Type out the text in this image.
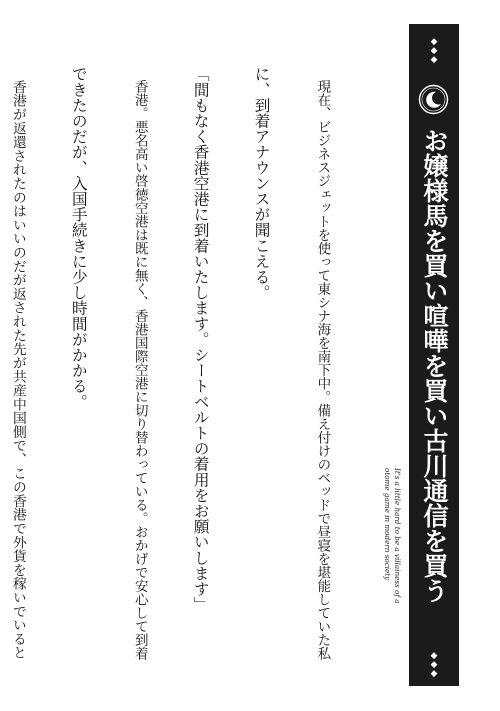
◆
◆
◆
お嬢様馬を買い喧嘩を買い古川通信を買う
◆
◆
◆
It's a little hard to be a villainess of a
otome game in modern society

　現在、ビジネスジェットを使って東シナ海を南下中。備え付けのベッドで昼寝を堪能していた私

に、到着アナウンスが聞こえる。

「間もなく香港空港に到着いたします。シートベルトの着用をお願いします」

　香港。悪名高い啓徳空港は既に無く、香港国際空港に切り替わっている。おかげで安心して到着

できたのだが、入国手続きに少し時間がかかる。

　香港が返還されたのはいいのだが返された先が共産中国側で、この香港で外貨を稼いでいると
